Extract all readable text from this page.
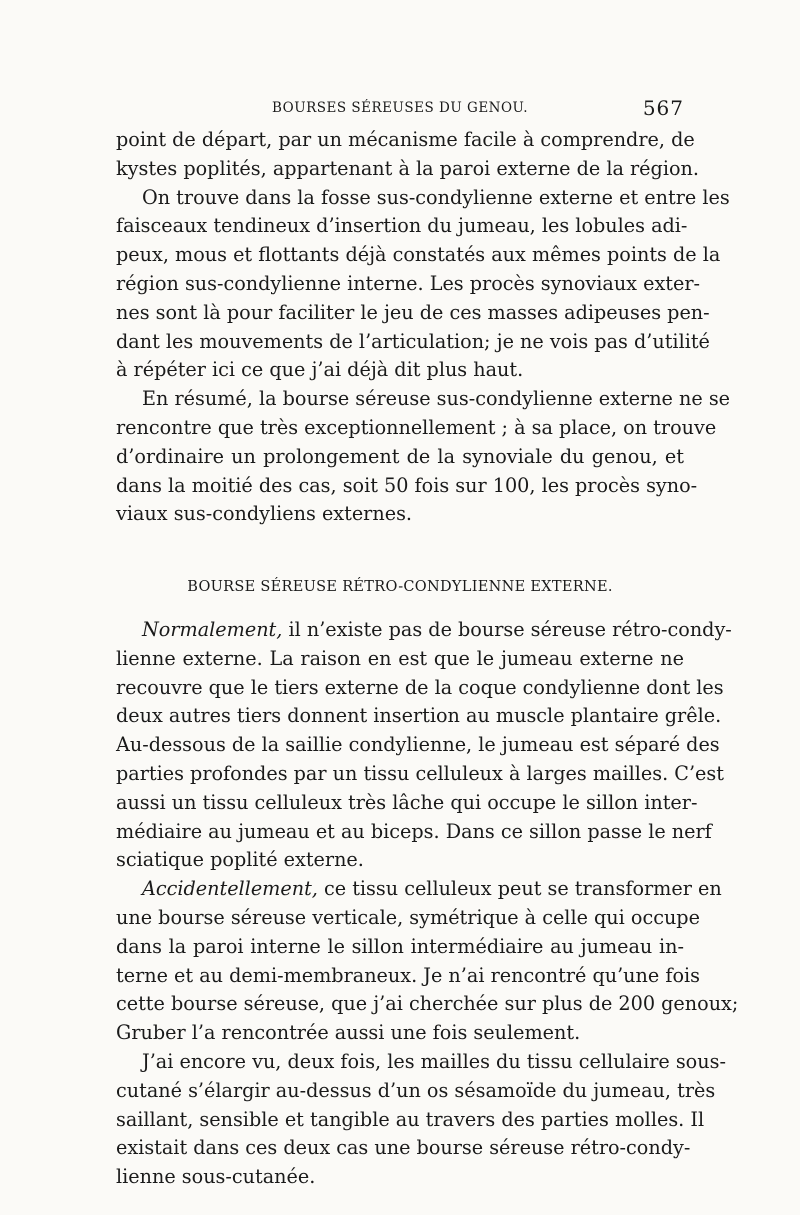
BOURSES SÉREUSES DU GENOU.	567
point de départ, par un mécanisme facile à comprendre, de
kystes poplités, appartenant à la paroi externe de la région.
On trouve dans la fosse sus-condylienne externe et entre les
faisceaux tendineux d’insertion du jumeau, les lobules adi-
peux, mous et flottants déjà constatés aux mêmes points de la
région sus-condylienne interne. Les procès synoviaux exter-
nes sont là pour faciliter le jeu de ces masses adipeuses pen-
dant les mouvements de l’articulation; je ne vois pas d’utilité
à répéter ici ce que j’ai déjà dit plus haut.
En résumé, la bourse séreuse sus-condylienne externe ne se
rencontre que très exceptionnellement ; à sa place, on trouve
d’ordinaire un prolongement de la synoviale du genou, et
dans la moitié des cas, soit 50 fois sur 100, les procès syno-
viaux sus-condyliens externes.
BOURSE SÉREUSE RÉTRO-CONDYLIENNE EXTERNE.
Normalement, il n’existe pas de bourse séreuse rétro-condy-
lienne externe. La raison en est que le jumeau externe ne
recouvre que le tiers externe de la coque condylienne dont les
deux autres tiers donnent insertion au muscle plantaire grêle.
Au-dessous de la saillie condylienne, le jumeau est séparé des
parties profondes par un tissu celluleux à larges mailles. C’est
aussi un tissu celluleux très lâche qui occupe le sillon inter-
médiaire au jumeau et au biceps. Dans ce sillon passe le nerf
sciatique poplité externe.
Accidentellement, ce tissu celluleux peut se transformer en
une bourse séreuse verticale, symétrique à celle qui occupe
dans la paroi interne le sillon intermédiaire au jumeau in-
terne et au demi-membraneux. Je n’ai rencontré qu’une fois
cette bourse séreuse, que j’ai cherchée sur plus de 200 genoux;
Gruber l’a rencontrée aussi une fois seulement.
J’ai encore vu, deux fois, les mailles du tissu cellulaire sous-
cutané s’élargir au-dessus d’un os sésamoïde du jumeau, très
saillant, sensible et tangible au travers des parties molles. Il
existait dans ces deux cas une bourse séreuse rétro-condy-
lienne sous-cutanée.
